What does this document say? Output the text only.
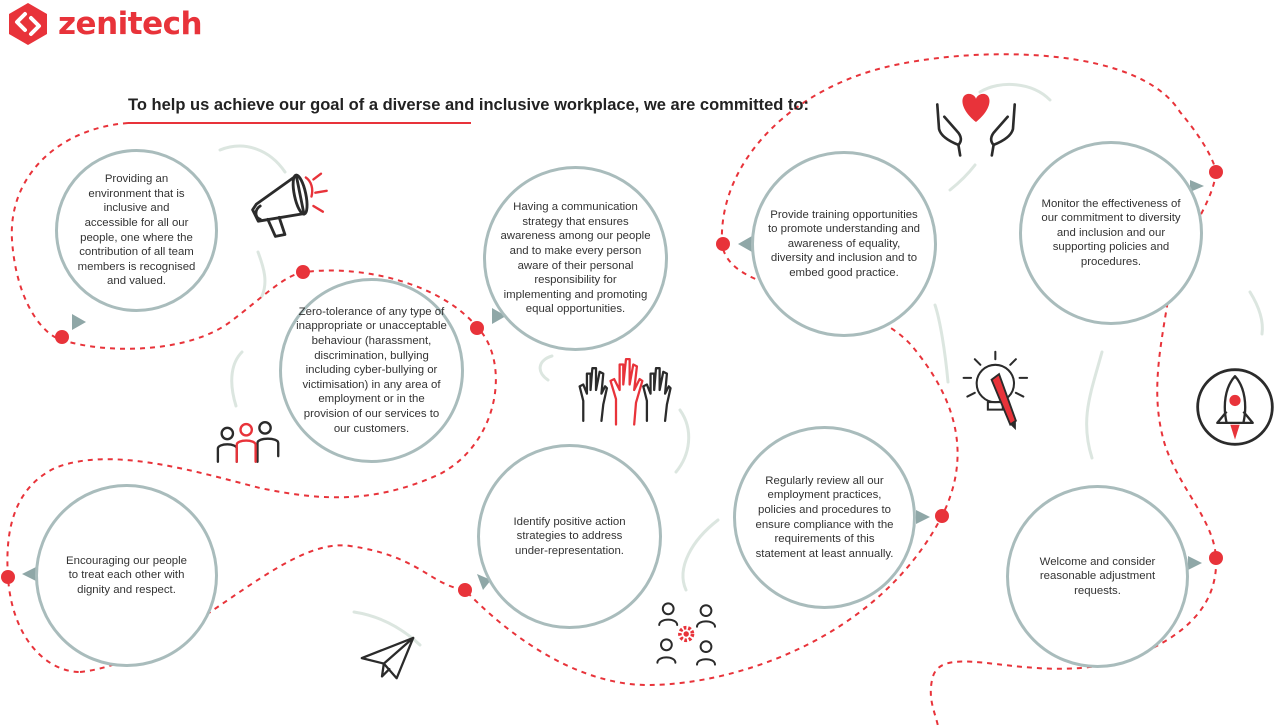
zenitech
To help us achieve our goal of a diverse and inclusive workplace, we are committed to:
Providing an environment that is inclusive and accessible for all our people, one where the contribution of all team members is recognised and valued.
Zero-tolerance of any type of inappropriate or unacceptable behaviour (harassment, discrimination, bullying including cyber-bullying or victimisation) in any area of employment or in the provision of our services to our customers.
Having a communication strategy that ensures awareness among our people and to make every person aware of their personal responsibility for implementing and promoting equal opportunities.
Provide training opportunities to promote understanding and awareness of equality, diversity and inclusion and to embed good practice.
Monitor the effectiveness of our commitment to diversity and inclusion and our supporting policies and procedures.
Encouraging our people to treat each other with dignity and respect.
Identify positive action strategies to address under-representation.
Regularly review all our employment practices, policies and procedures to ensure compliance with the requirements of this statement at least annually.
Welcome and consider reasonable adjustment requests.
